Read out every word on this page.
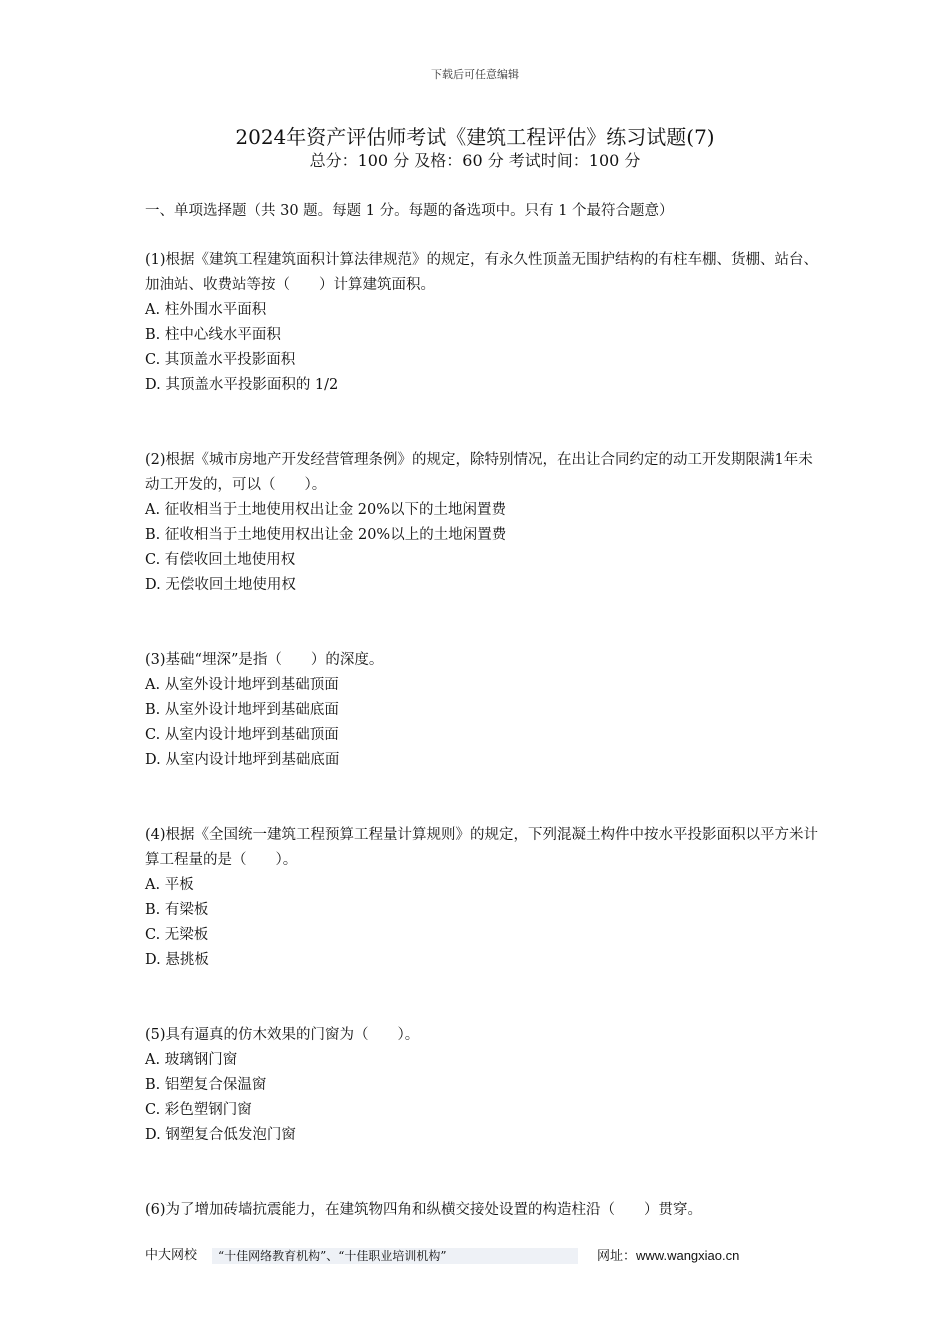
下载后可任意编辑
2024年资产评估师考试《建筑工程评估》练习试题(7)
总分：100 分 及格：60 分 考试时间：100 分
一、单项选择题（共 30 题。每题 1 分。每题的备选项中。只有 1 个最符合题意）

(1)根据《建筑工程建筑面积计算法律规范》的规定，有永久性顶盖无围护结构的有柱车棚、货棚、站台、加油站、收费站等按（　　）计算建筑面积。

A. 柱外围水平面积

B. 柱中心线水平面积

C. 其顶盖水平投影面积

D. 其顶盖水平投影面积的 1/2

(2)根据《城市房地产开发经营管理条例》的规定，除特别情况，在出让合同约定的动工开发期限满1年未动工开发的，可以（　　）。

A. 征收相当于土地使用权出让金 20%以下的土地闲置费

B. 征收相当于土地使用权出让金 20%以上的土地闲置费

C. 有偿收回土地使用权

D. 无偿收回土地使用权

(3)基础“埋深”是指（　　）的深度。

A. 从室外设计地坪到基础顶面

B. 从室外设计地坪到基础底面

C. 从室内设计地坪到基础顶面

D. 从室内设计地坪到基础底面

(4)根据《全国统一建筑工程预算工程量计算规则》的规定，下列混凝土构件中按水平投影面积以平方米计算工程量的是（　　）。

A. 平板

B. 有梁板

C. 无梁板

D. 悬挑板

(5)具有逼真的仿木效果的门窗为（　　）。

A. 玻璃钢门窗

B. 铝塑复合保温窗

C. 彩色塑钢门窗

D. 钢塑复合低发泡门窗

(6)为了增加砖墙抗震能力，在建筑物四角和纵横交接处设置的构造柱沿（　　）贯穿。

中大网校	“十佳网络教育机构”、“十佳职业培训机构”	网址：www.wangxiao.cn
